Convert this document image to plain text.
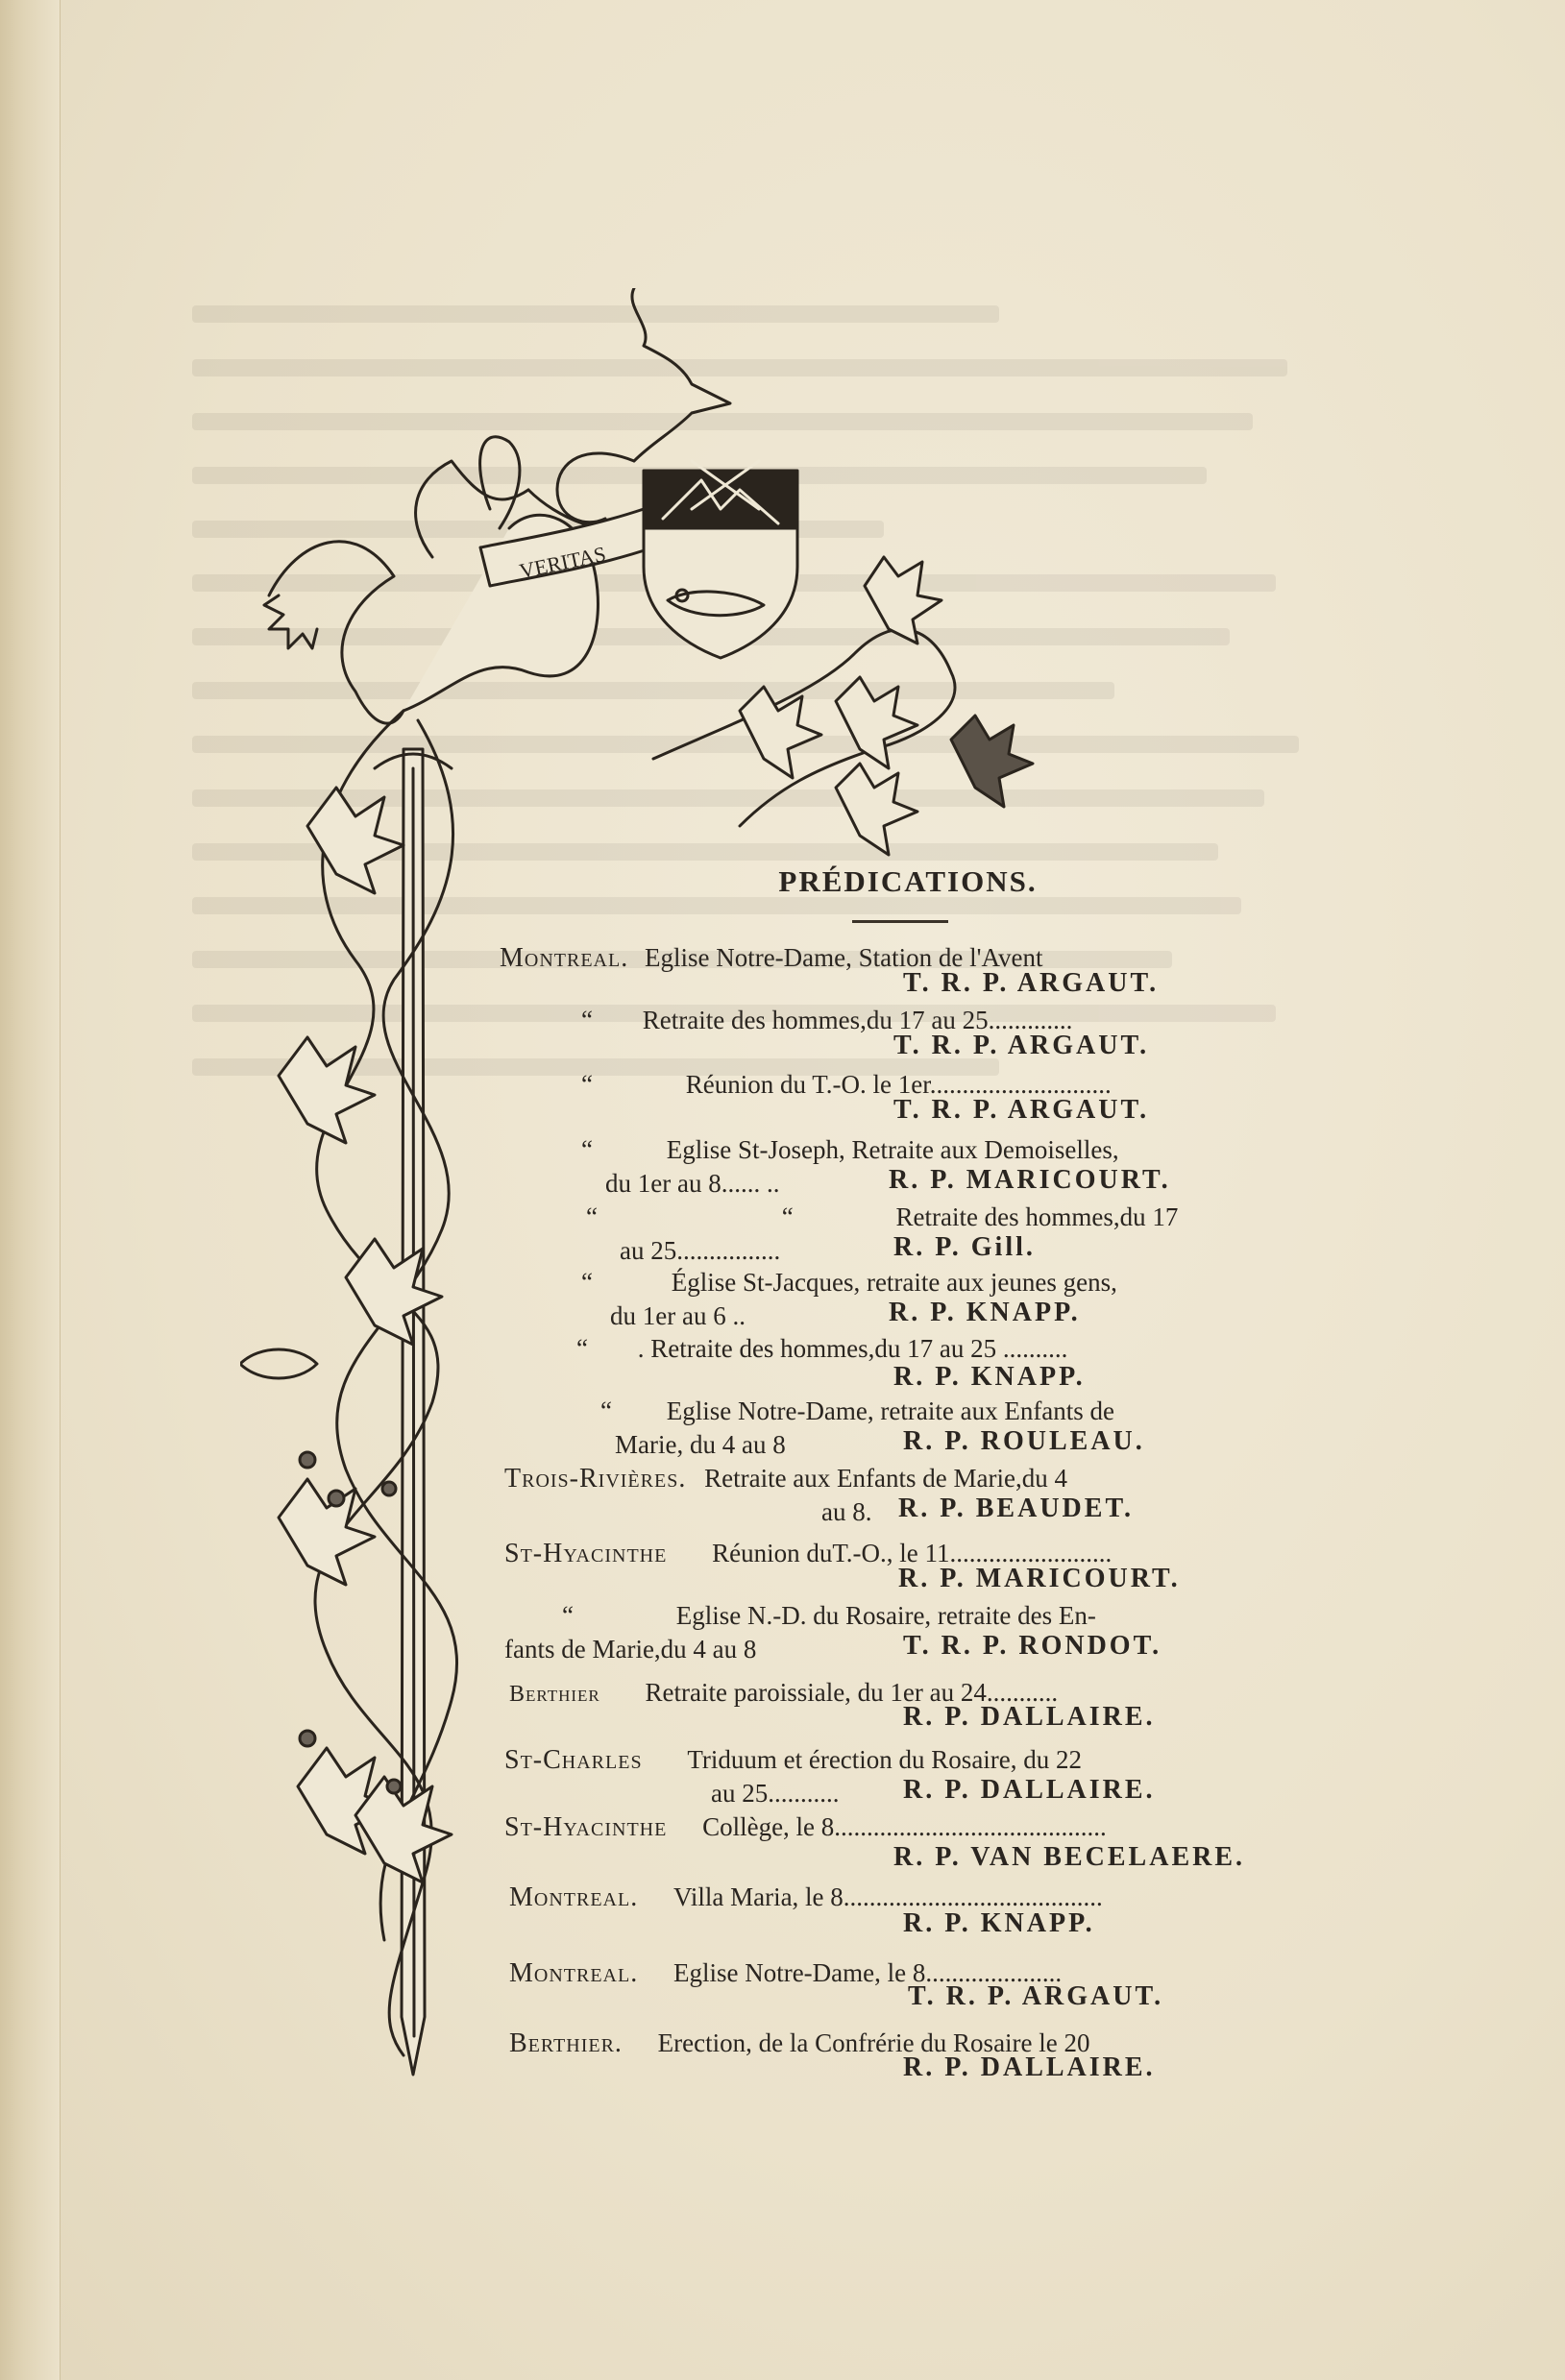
VERITAS
PRÉDICATIONS.
Montreal. Eglise Notre-Dame, Station de l'Avent
T. R. P. ARGAUT.
“ Retraite des hommes,du 17 au 25.............
T. R. P. ARGAUT.
“	Réunion du T.-O. le 1er............................
T. R. P. ARGAUT.
“	Eglise St-Joseph, Retraite aux Demoiselles,
du 1er au 8...... ..	R. P. MARICOURT.
“	“	Retraite des hommes,du 17
au 25................	R. P. Gill.
“	Église St-Jacques, retraite aux jeunes gens,
du 1er au 6 ..	R. P. KNAPP.
“ . Retraite des hommes,du 17 au 25 ..........
R. P. KNAPP.
“ Eglise Notre-Dame, retraite aux Enfants de
Marie, du 4 au 8	R. P. ROULEAU.
Trois-Rivières. Retraite aux Enfants de Marie,du 4
au 8. R. P. BEAUDET.
St-Hyacinthe Réunion duT.-O., le 11.........................
R. P. MARICOURT.
“	Eglise N.-D. du Rosaire, retraite des En-
fants de Marie,du 4 au 8	T. R. P. RONDOT.
Berthier Retraite paroissiale, du 1er au 24...........
R. P. DALLAIRE.
St-Charles Triduum et érection du Rosaire, du 22
au 25........... R. P. DALLAIRE.
St-Hyacinthe Collège, le 8..........................................
R. P. VAN BECELAERE.
Montreal. Villa Maria, le 8........................................
R. P. KNAPP.
Montreal. Eglise Notre-Dame, le 8.....................
T. R. P. ARGAUT.
Berthier. Erection, de la Confrérie du Rosaire le 20
R. P. DALLAIRE.
